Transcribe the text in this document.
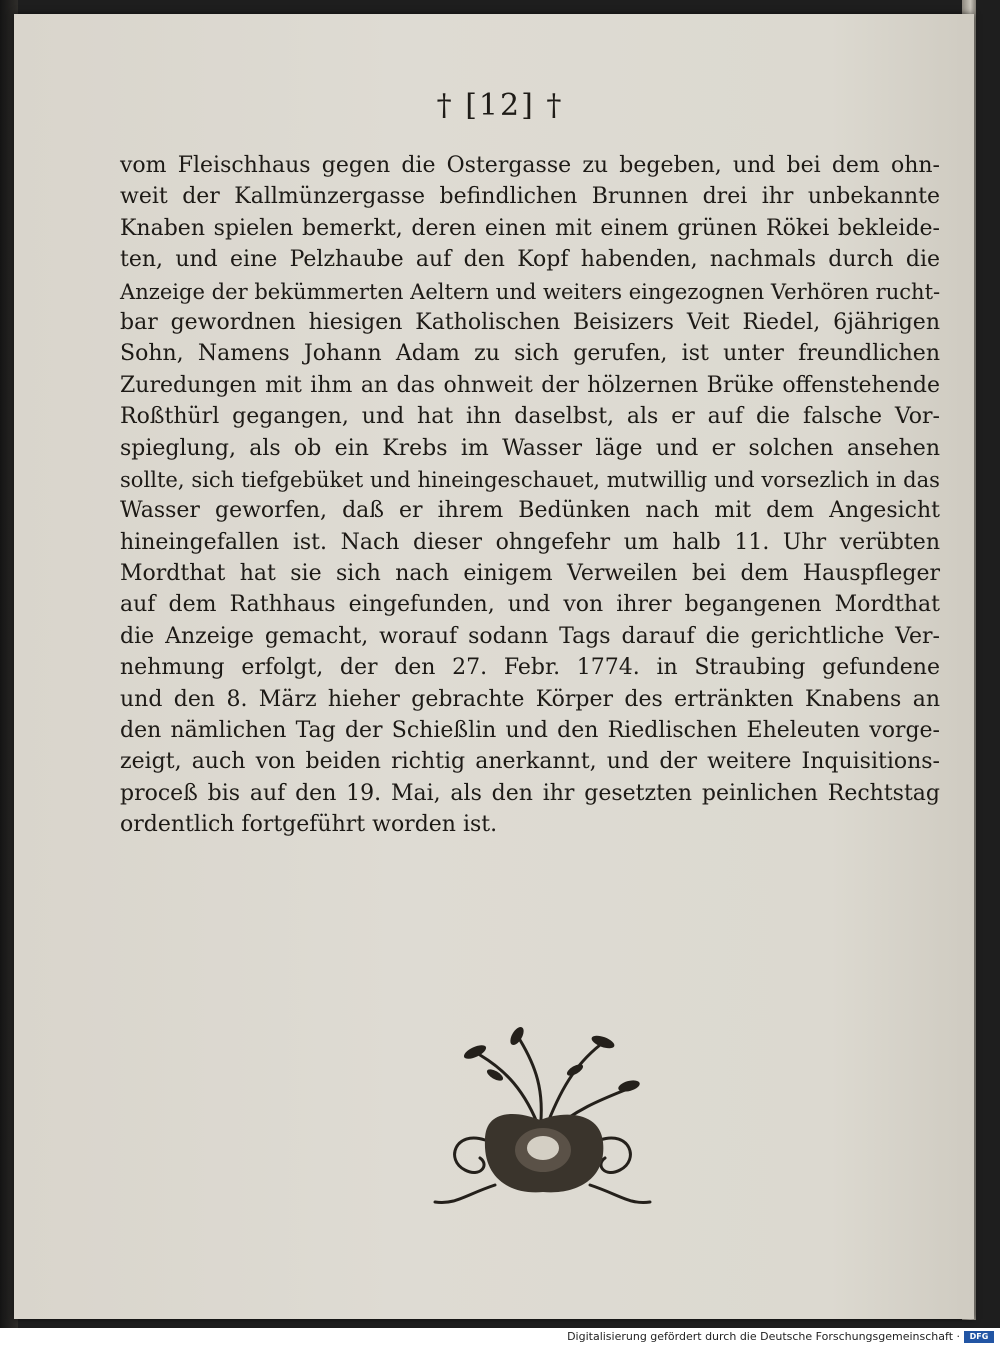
† [12] †
vom Fleischhaus gegen die Ostergasse zu begeben, und bei dem ohn-
weit der Kallmünzergasse befindlichen Brunnen drei ihr unbekannte
Knaben spielen bemerkt, deren einen mit einem grünen Rökei bekleide-
ten, und eine Pelzhaube auf den Kopf habenden, nachmals durch die
Anzeige der bekümmerten Aeltern und weiters eingezognen Verhören rucht-
bar gewordnen hiesigen Katholischen Beisizers Veit Riedel, 6jährigen
Sohn, Namens Johann Adam zu sich gerufen, ist unter freundlichen
Zuredungen mit ihm an das ohnweit der hölzernen Brüke offenstehende
Roßthürl gegangen, und hat ihn daselbst, als er auf die falsche Vor-
spieglung, als ob ein Krebs im Wasser läge und er solchen ansehen
sollte, sich tiefgebüket und hineingeschauet, mutwillig und vorsezlich in das
Wasser geworfen, daß er ihrem Bedünken nach mit dem Angesicht
hineingefallen ist. Nach dieser ohngefehr um halb 11. Uhr verübten
Mordthat hat sie sich nach einigem Verweilen bei dem Hauspfleger
auf dem Rathhaus eingefunden, und von ihrer begangenen Mordthat
die Anzeige gemacht, worauf sodann Tags darauf die gerichtliche Ver-
nehmung erfolgt, der den 27. Febr. 1774. in Straubing gefundene
und den 8. März hieher gebrachte Körper des ertränkten Knabens an
den nämlichen Tag der Schießlin und den Riedlischen Eheleuten vorge-
zeigt, auch von beiden richtig anerkannt, und der weitere Inquisitions-
proceß bis auf den 19. Mai, als den ihr gesetzten peinlichen Rechtstag
ordentlich fortgeführt worden ist.
Digitalisierung gefördert durch die Deutsche Forschungsgemeinschaft ·	DFG
